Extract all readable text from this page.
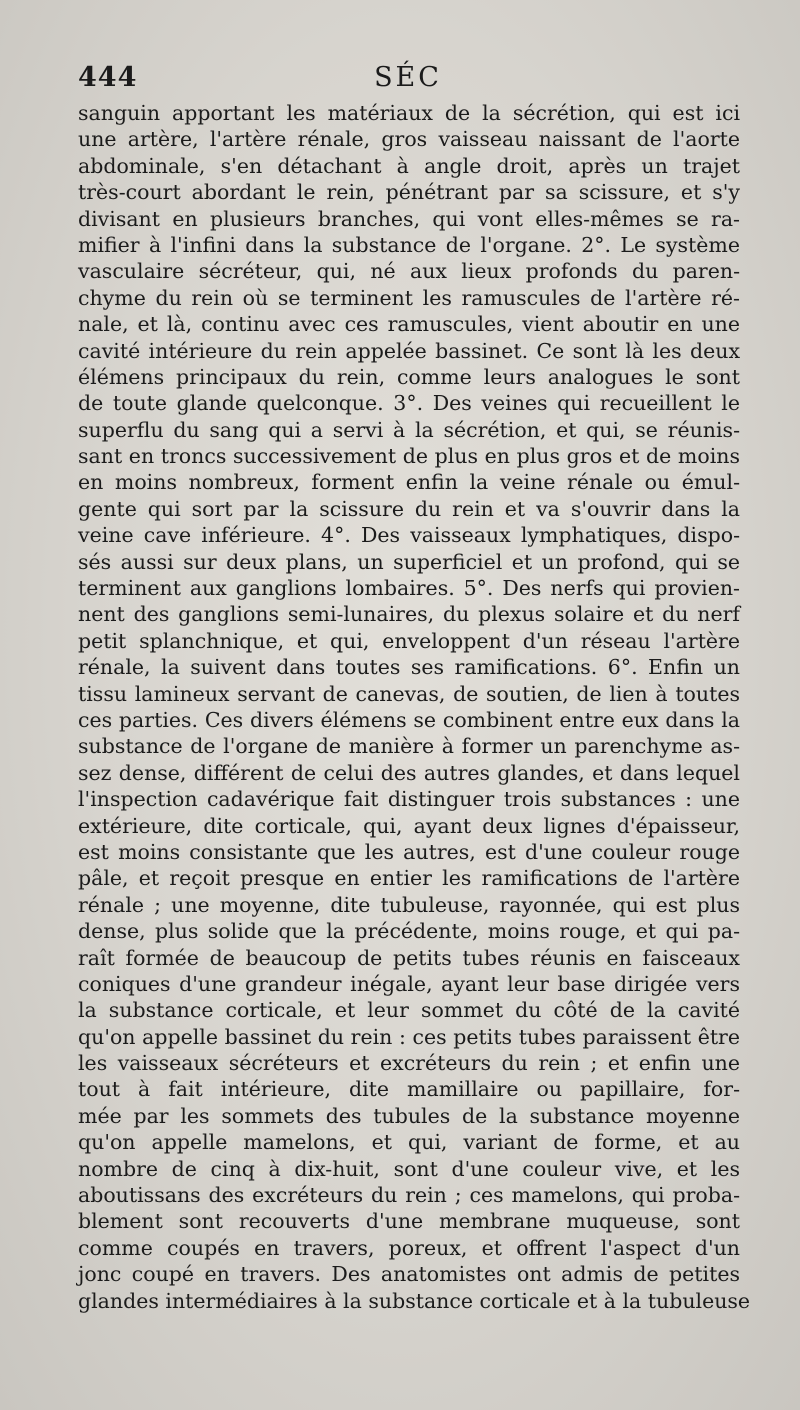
444	SÉC
sanguin apportant les matériaux de la sécrétion, qui est ici
une artère, l'artère rénale, gros vaisseau naissant de l'aorte
abdominale, s'en détachant à angle droit, après un trajet
très-court abordant le rein, pénétrant par sa scissure, et s'y
divisant en plusieurs branches, qui vont elles-mêmes se ra-
mifier à l'infini dans la substance de l'organe. 2°. Le système
vasculaire sécréteur, qui, né aux lieux profonds du paren-
chyme du rein où se terminent les ramuscules de l'artère ré-
nale, et là, continu avec ces ramuscules, vient aboutir en une
cavité intérieure du rein appelée bassinet. Ce sont là les deux
élémens principaux du rein, comme leurs analogues le sont
de toute glande quelconque. 3°. Des veines qui recueillent le
superflu du sang qui a servi à la sécrétion, et qui, se réunis-
sant en troncs successivement de plus en plus gros et de moins
en moins nombreux, forment enfin la veine rénale ou émul-
gente qui sort par la scissure du rein et va s'ouvrir dans la
veine cave inférieure. 4°. Des vaisseaux lymphatiques, dispo-
sés aussi sur deux plans, un superficiel et un profond, qui se
terminent aux ganglions lombaires. 5°. Des nerfs qui provien-
nent des ganglions semi-lunaires, du plexus solaire et du nerf
petit splanchnique, et qui, enveloppent d'un réseau l'artère
rénale, la suivent dans toutes ses ramifications. 6°. Enfin un
tissu lamineux servant de canevas, de soutien, de lien à toutes
ces parties. Ces divers élémens se combinent entre eux dans la
substance de l'organe de manière à former un parenchyme as-
sez dense, différent de celui des autres glandes, et dans lequel
l'inspection cadavérique fait distinguer trois substances : une
extérieure, dite corticale, qui, ayant deux lignes d'épaisseur,
est moins consistante que les autres, est d'une couleur rouge
pâle, et reçoit presque en entier les ramifications de l'artère
rénale ; une moyenne, dite tubuleuse, rayonnée, qui est plus
dense, plus solide que la précédente, moins rouge, et qui pa-
raît formée de beaucoup de petits tubes réunis en faisceaux
coniques d'une grandeur inégale, ayant leur base dirigée vers
la substance corticale, et leur sommet du côté de la cavité
qu'on appelle bassinet du rein : ces petits tubes paraissent être
les vaisseaux sécréteurs et excréteurs du rein ; et enfin une
tout à fait intérieure, dite mamillaire ou papillaire, for-
mée par les sommets des tubules de la substance moyenne
qu'on appelle mamelons, et qui, variant de forme, et au
nombre de cinq à dix-huit, sont d'une couleur vive, et les
aboutissans des excréteurs du rein ; ces mamelons, qui proba-
blement sont recouverts d'une membrane muqueuse, sont
comme coupés en travers, poreux, et offrent l'aspect d'un
jonc coupé en travers. Des anatomistes ont admis de petites
glandes intermédiaires à la substance corticale et à la tubuleuse
